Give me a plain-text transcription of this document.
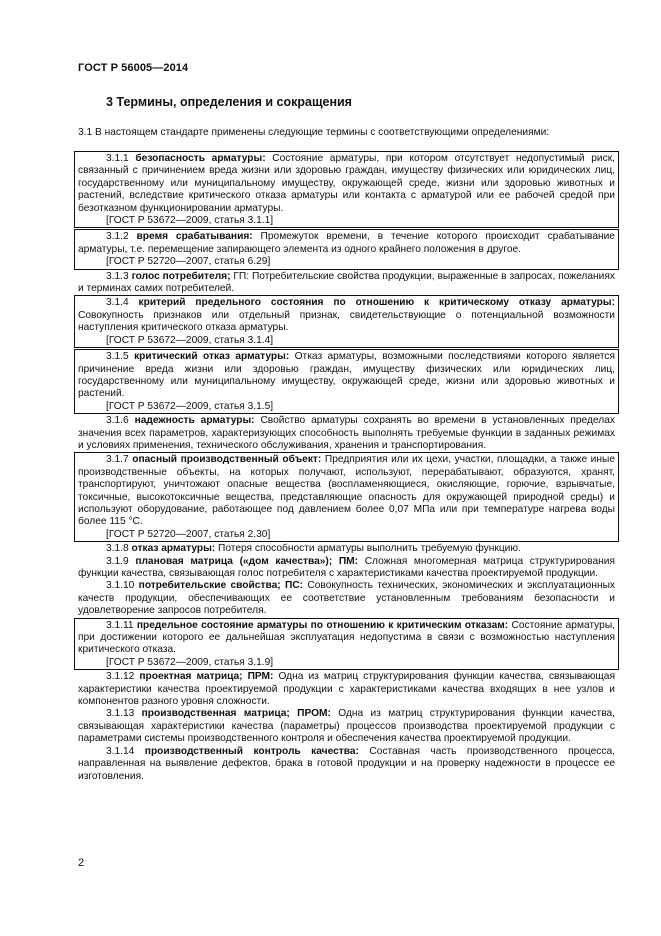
ГОСТ Р 56005—2014
3 Термины, определения и сокращения
3.1 В настоящем стандарте применены следующие термины с соответствующими определениями:

3.1.1 безопасность арматуры: Состояние арматуры, при котором отсутствует недопустимый риск, связанный с причинением вреда жизни или здоровью граждан, имуществу физических или юридических лиц, государственному или муниципальному имуществу, окружающей среде, жизни или здоровью животных и растений, вследствие критического отказа арматуры или контакта с арматурой или ее рабочей средой при безотказном функционировании арматуры.
[ГОСТ Р 53672—2009, статья 3.1.1]

3.1.2 время срабатывания: Промежуток времени, в течение которого происходит срабатывание арматуры, т.е. перемещение запирающего элемента из одного крайнего положения в другое.
[ГОСТ Р 52720—2007, статья 6.29]

3.1.3 голос потребителя; ГП: Потребительские свойства продукции, выраженные в запросах, пожеланиях и терминах самих потребителей.

3.1.4 критерий предельного состояния по отношению к критическому отказу арматуры: Совокупность признаков или отдельный признак, свидетельствующие о потенциальной возможности наступления критического отказа арматуры.
[ГОСТ Р 53672—2009, статья 3.1.4]

3.1.5 критический отказ арматуры: Отказ арматуры, возможными последствиями которого является причинение вреда жизни или здоровью граждан, имуществу физических или юридических лиц, государственному или муниципальному имуществу, окружающей среде, жизни или здоровью животных и растений.
[ГОСТ Р 53672—2009, статья 3.1.5]

3.1.6 надежность арматуры: Свойство арматуры сохранять во времени в установленных пределах значения всех параметров, характеризующих способность выполнять требуемые функции в заданных режимах и условиях применения, технического обслуживания, хранения и транспортирования.

3.1.7 опасный производственный объект: Предприятия или их цехи, участки, площадки, а также иные производственные объекты, на которых получают, используют, перерабатывают, образуются, хранят, транспортируют, уничтожают опасные вещества (воспламеняющиеся, окисляющие, горючие, взрывчатые, токсичные, высокотоксичные вещества, представляющие опасность для окружающей природной среды) и используют оборудование, работающее под давлением более 0,07 МПа или при температуре нагрева воды более 115 °С.
[ГОСТ Р 52720—2007, статья 2.30]

3.1.8 отказ арматуры: Потеря способности арматуры выполнить требуемую функцию.

3.1.9 плановая матрица («дом качества»); ПМ: Сложная многомерная матрица структурирования функции качества, связывающая голос потребителя с характеристиками качества проектируемой продукции.

3.1.10 потребительские свойства; ПС: Совокупность технических, экономических и эксплуатационных качеств продукции, обеспечивающих ее соответствие установленным требованиям безопасности и удовлетворение запросов потребителя.

3.1.11 предельное состояние арматуры по отношению к критическим отказам: Состояние арматуры, при достижении которого ее дальнейшая эксплуатация недопустима в связи с возможностью наступления критического отказа.
[ГОСТ Р 53672—2009, статья 3.1.9]

3.1.12 проектная матрица; ПРМ: Одна из матриц структурирования функции качества, связывающая характеристики качества проектируемой продукции с характеристиками качества входящих в нее узлов и компонентов разного уровня сложности.

3.1.13 производственная матрица; ПРОМ: Одна из матриц структурирования функции качества, связывающая характеристики качества (параметры) процессов производства проектируемой продукции с параметрами системы производственного контроля и обеспечения качества проектируемой продукции.

3.1.14 производственный контроль качества: Составная часть производственного процесса, направленная на выявление дефектов, брака в готовой продукции и на проверку надежности в процессе ее изготовления.

2
